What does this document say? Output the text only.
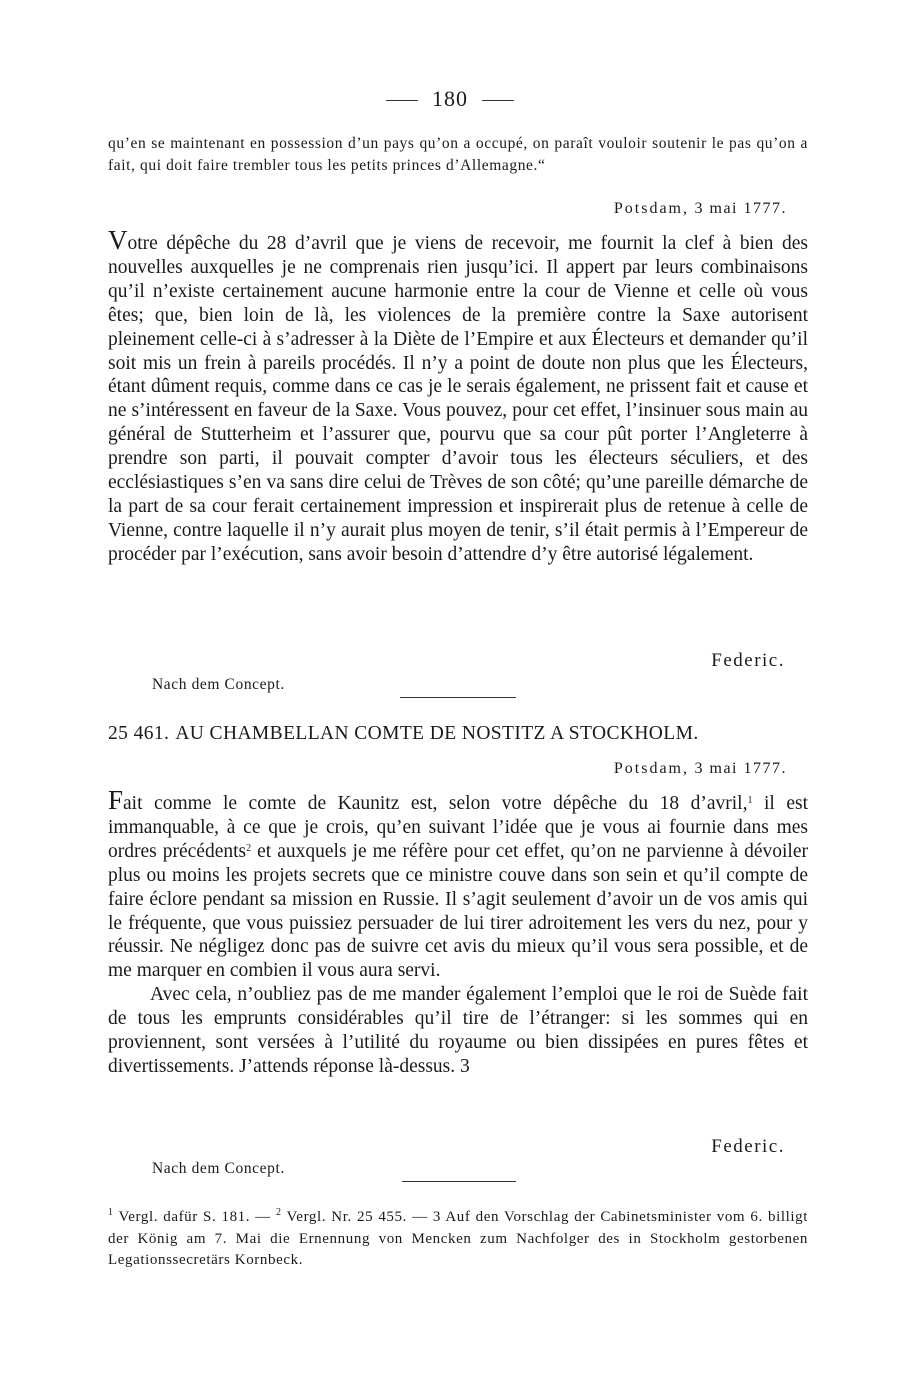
180
qu’en se maintenant en possession d’un pays qu’on a occupé, on paraît vouloir soutenir le pas qu’on a fait, qui doit faire trembler tous les petits princes d’Allemagne.“
Potsdam, 3 mai 1777.

Votre dépêche du 28 d’avril que je viens de recevoir, me fournit la clef à bien des nouvelles auxquelles je ne comprenais rien jusqu’ici. Il appert par leurs combinaisons qu’il n’existe certainement aucune harmonie entre la cour de Vienne et celle où vous êtes; que, bien loin de là, les violences de la première contre la Saxe autorisent pleinement celle-ci à s’adresser à la Diète de l’Empire et aux Électeurs et demander qu’il soit mis un frein à pareils procédés. Il n’y a point de doute non plus que les Électeurs, étant dûment requis, comme dans ce cas je le serais également, ne prissent fait et cause et ne s’intéressent en faveur de la Saxe. Vous pouvez, pour cet effet, l’insinuer sous main au général de Stutterheim et l’assurer que, pourvu que sa cour pût porter l’Angleterre à prendre son parti, il pouvait compter d’avoir tous les électeurs séculiers, et des ecclésiastiques s’en va sans dire celui de Trèves de son côté; qu’une pareille démarche de la part de sa cour ferait certainement impression et inspirerait plus de retenue à celle de Vienne, contre laquelle il n’y aurait plus moyen de tenir, s’il était permis à l’Empereur de procéder par l’exécution, sans avoir besoin d’attendre d’y être autorisé légalement.

Federic.
Nach dem Concept.
25 461. AU CHAMBELLAN COMTE DE NOSTITZ A STOCKHOLM.
Potsdam, 3 mai 1777.

Fait comme le comte de Kaunitz est, selon votre dépêche du 18 d’avril,$^1$ il est immanquable, à ce que je crois, qu’en suivant l’idée que je vous ai fournie dans mes ordres précédents$^2$ et auxquels je me réfère pour cet effet, qu’on ne parvienne à dévoiler plus ou moins les projets secrets que ce ministre couve dans son sein et qu’il compte de faire éclore pendant sa mission en Russie. Il s’agit seulement d’avoir un de vos amis qui le fréquente, que vous puissiez persuader de lui tirer adroitement les vers du nez, pour y réussir. Ne négligez donc pas de suivre cet avis du mieux qu’il vous sera possible, et de me marquer en combien il vous aura servi.

Avec cela, n’oubliez pas de me mander également l’emploi que le roi de Suède fait de tous les emprunts considérables qu’il tire de l’étranger: si les sommes qui en proviennent, sont versées à l’utilité du royaume ou bien dissipées en pures fêtes et divertissements. J’attends réponse là-dessus. 3

Federic.
Nach dem Concept.
$^1$ Vergl. dafür S. 181. — $^2$ Vergl. Nr. 25 455. — 3 Auf den Vorschlag der Cabinetsminister vom 6. billigt der König am 7. Mai die Ernennung von Mencken zum Nachfolger des in Stockholm gestorbenen Legationssecretärs Kornbeck.
